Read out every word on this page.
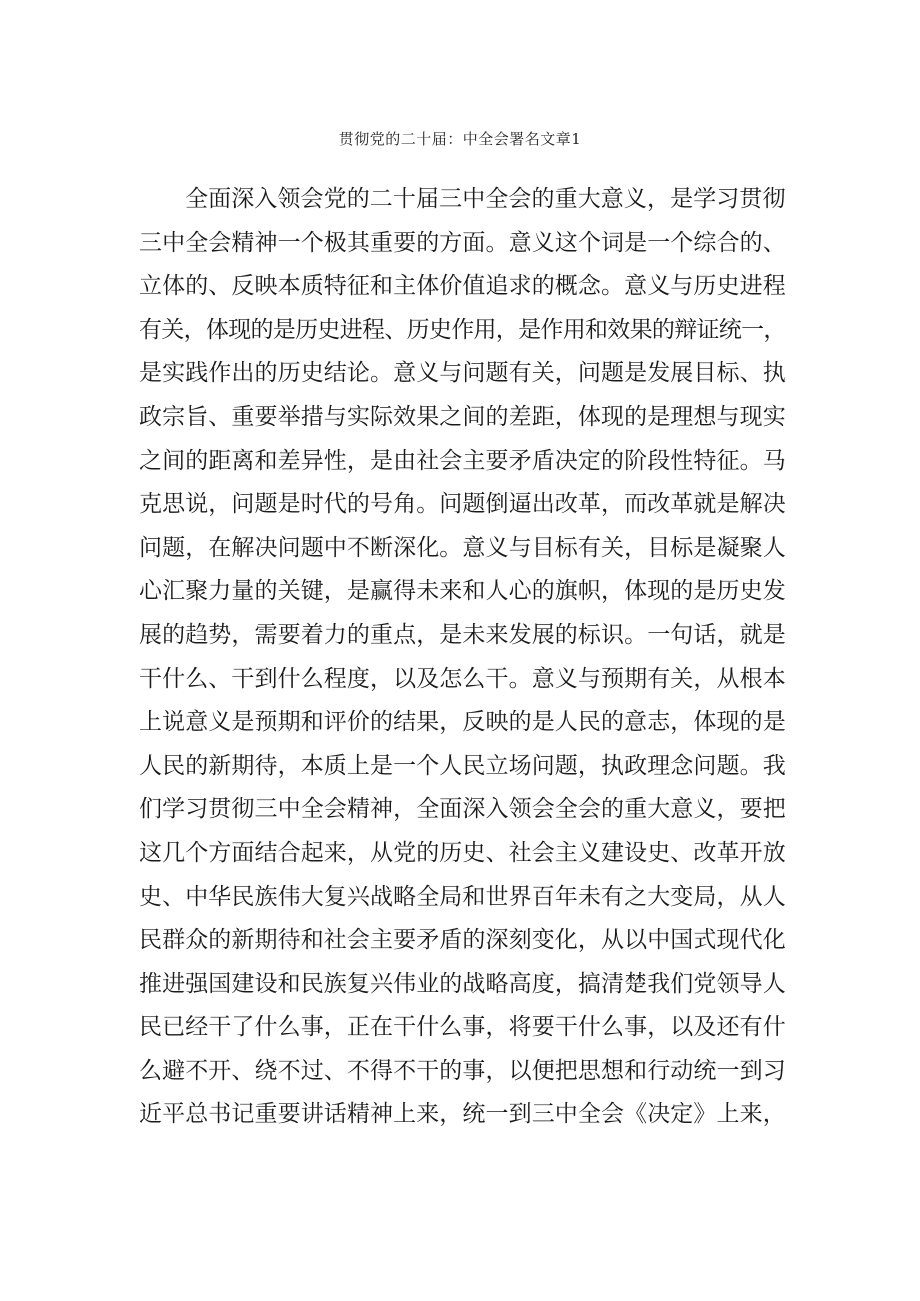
贯彻党的二十届：中全会署名文章1
全面深入领会党的二十届三中全会的重大意义，是学习贯彻
三中全会精神一个极其重要的方面。意义这个词是一个综合的、
立体的、反映本质特征和主体价值追求的概念。意义与历史进程
有关，体现的是历史进程、历史作用，是作用和效果的辩证统一，
是实践作出的历史结论。意义与问题有关，问题是发展目标、执
政宗旨、重要举措与实际效果之间的差距，体现的是理想与现实
之间的距离和差异性，是由社会主要矛盾决定的阶段性特征。马
克思说，问题是时代的号角。问题倒逼出改革，而改革就是解决
问题，在解决问题中不断深化。意义与目标有关，目标是凝聚人
心汇聚力量的关键，是赢得未来和人心的旗帜，体现的是历史发
展的趋势，需要着力的重点，是未来发展的标识。一句话，就是
干什么、干到什么程度，以及怎么干。意义与预期有关，从根本
上说意义是预期和评价的结果，反映的是人民的意志，体现的是
人民的新期待，本质上是一个人民立场问题，执政理念问题。我
们学习贯彻三中全会精神，全面深入领会全会的重大意义，要把
这几个方面结合起来，从党的历史、社会主义建设史、改革开放
史、中华民族伟大复兴战略全局和世界百年未有之大变局，从人
民群众的新期待和社会主要矛盾的深刻变化，从以中国式现代化
推进强国建设和民族复兴伟业的战略高度，搞清楚我们党领导人
民已经干了什么事，正在干什么事，将要干什么事，以及还有什
么避不开、绕不过、不得不干的事，以便把思想和行动统一到习
近平总书记重要讲话精神上来，统一到三中全会《决定》上来，
